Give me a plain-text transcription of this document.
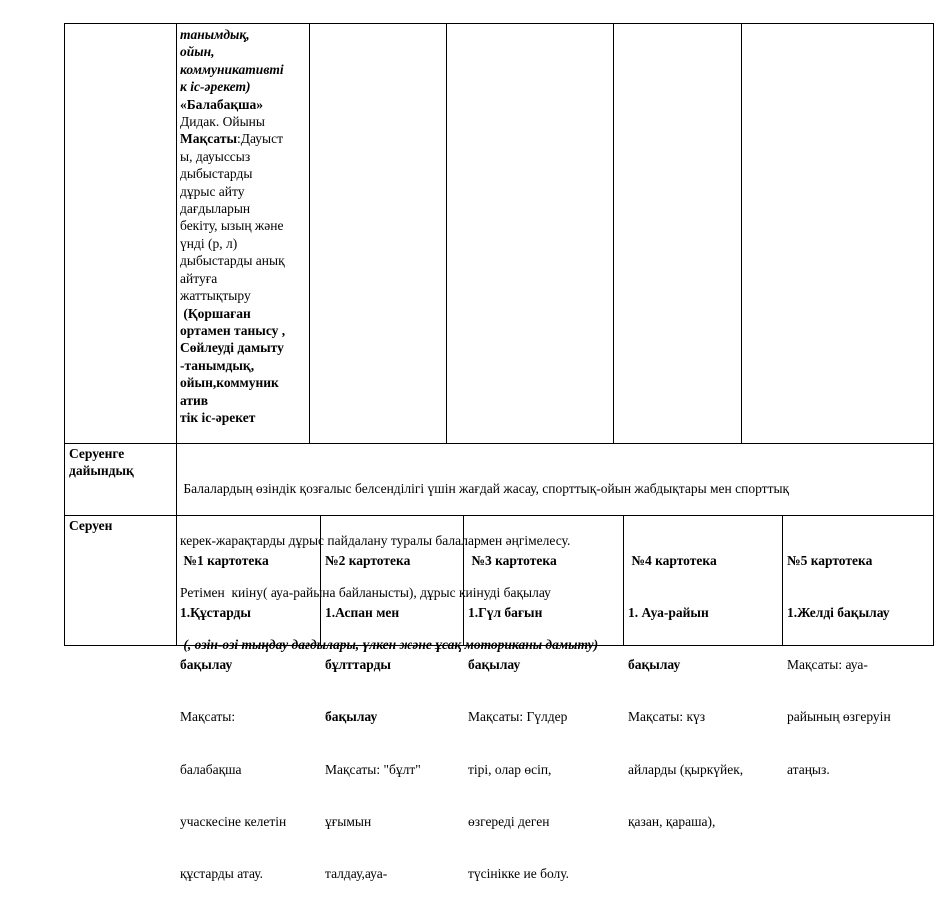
танымдық,
ойын,
коммуникативті
к іс-әрекет)
«Балабақша»
Дидак. Ойыны
Мақсаты:Дауыст
ы, дауыссыз
дыбыстарды
дұрыс айту
дағдыларын
бекіту, ызың және
үнді (р, л)
дыбыстарды анық
айтуға
жаттықтыру
(Қоршаған
ортамен танысу ,
Сөйлеуді дамыту
-танымдық,
ойын,коммуник
атив
тік іс-әрекет
Серуенге
дайындық

Балалардың өзіндік қозғалыс белсенділігі үшін жағдай жасау, спорттық-ойын жабдықтары мен спорттық

керек-жарақтарды дұрыс пайдалану туралы балалармен әңгімелесу.

Ретімен  киіну( ауа-райына байланысты), дұрыс киінуді бақылау

(, өзін-өзі тыңдау дағдылары, үлкен және ұсақ моториканы дамыту)

Серуен

№1 картотека

1.Құстарды

бақылау

Мақсаты:

балабақша

учаскесіне келетін

құстарды атау.

№2 картотека

1.Аспан мен

бұлттарды

бақылау

Мақсаты: "бұлт"

ұғымын

талдау,ауа-

№3 картотека

1.Гүл бағын

бақылау

Мақсаты: Гүлдер

тірі, олар өсіп,

өзгереді деген

түсінікке ие болу.

№4 картотека

1. Ауа-райын

бақылау

Мақсаты: күз

айларды (қыркүйек,

қазан, қараша),

№5 картотека

1.Желді бақылау

Мақсаты: ауа-

райының өзгеруін

атаңыз.
